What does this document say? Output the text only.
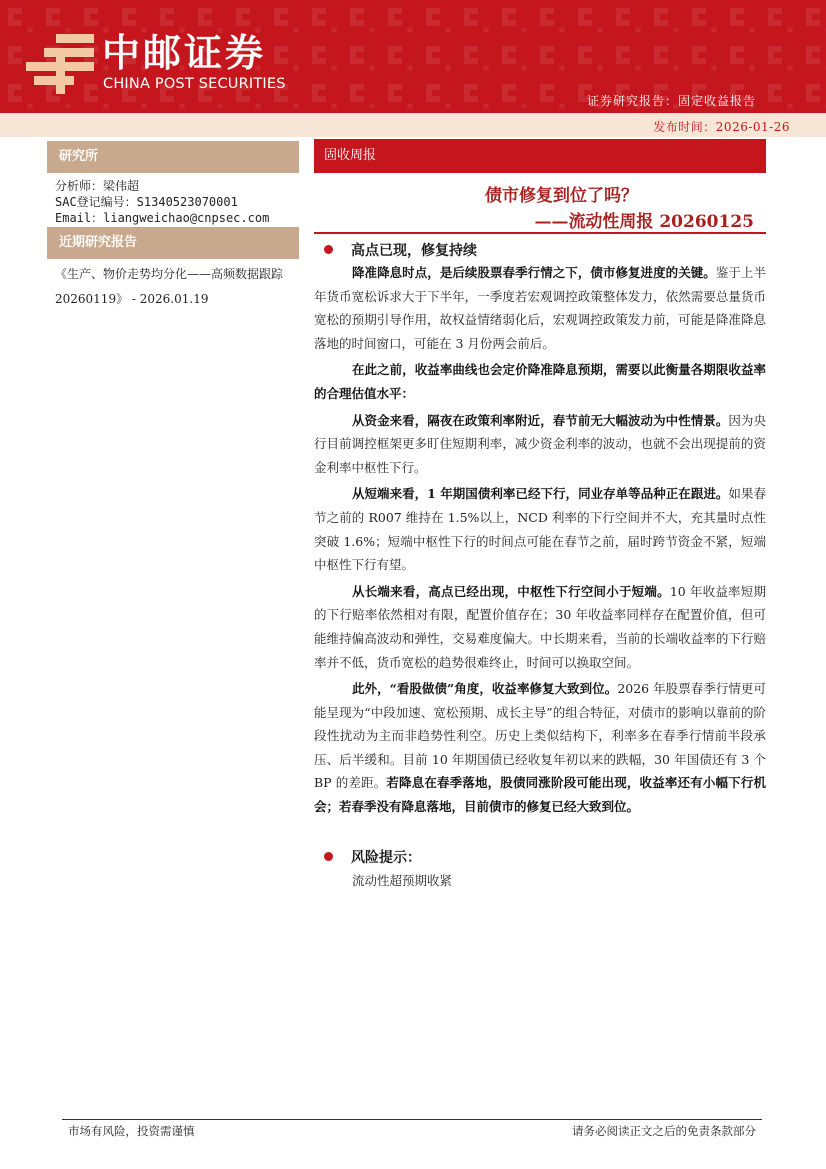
中邮证券
CHINA POST SECURITIES
证券研究报告：固定收益报告
发布时间：2026-01-26
研究所
分析师：梁伟超
SAC登记编号：S1340523070001
Email：liangweichao@cnpsec.com
近期研究报告
《生产、物价走势均分化——高频数据跟踪 20260119》 - 2026.01.19
固收周报
债市修复到位了吗？
——流动性周报 20260125
高点已现，修复持续

降准降息时点，是后续股票春季行情之下，债市修复进度的关键。鉴于上半年货币宽松诉求大于下半年，一季度若宏观调控政策整体发力，依然需要总量货币宽松的预期引导作用，故权益情绪弱化后，宏观调控政策发力前，可能是降准降息落地的时间窗口，可能在 3 月份两会前后。

在此之前，收益率曲线也会定价降准降息预期，需要以此衡量各期限收益率的合理估值水平：

从资金来看，隔夜在政策利率附近，春节前无大幅波动为中性情景。因为央行目前调控框架更多盯住短期利率，减少资金利率的波动，也就不会出现提前的资金利率中枢性下行。

从短端来看，1 年期国债利率已经下行，同业存单等品种正在跟进。如果春节之前的 R007 维持在 1.5%以上，NCD 利率的下行空间并不大，充其量时点性突破 1.6%；短端中枢性下行的时间点可能在春节之前，届时跨节资金不紧，短端中枢性下行有望。

从长端来看，高点已经出现，中枢性下行空间小于短端。10 年收益率短期的下行赔率依然相对有限，配置价值存在；30 年收益率同样存在配置价值，但可能维持偏高波动和弹性，交易难度偏大。中长期来看，当前的长端收益率的下行赔率并不低，货币宽松的趋势很难终止，时间可以换取空间。

此外，“看股做债”角度，收益率修复大致到位。2026 年股票春季行情更可能呈现为“中段加速、宽松预期、成长主导”的组合特征，对债市的影响以靠前的阶段性扰动为主而非趋势性利空。历史上类似结构下，利率多在春季行情前半段承压、后半缓和。目前 10 年期国债已经收复年初以来的跌幅，30 年国债还有 3 个 BP 的差距。若降息在春季落地，股债同涨阶段可能出现，收益率还有小幅下行机会；若春季没有降息落地，目前债市的修复已经大致到位。

风险提示：
流动性超预期收紧
市场有风险，投资需谨慎	请务必阅读正文之后的免责条款部分
